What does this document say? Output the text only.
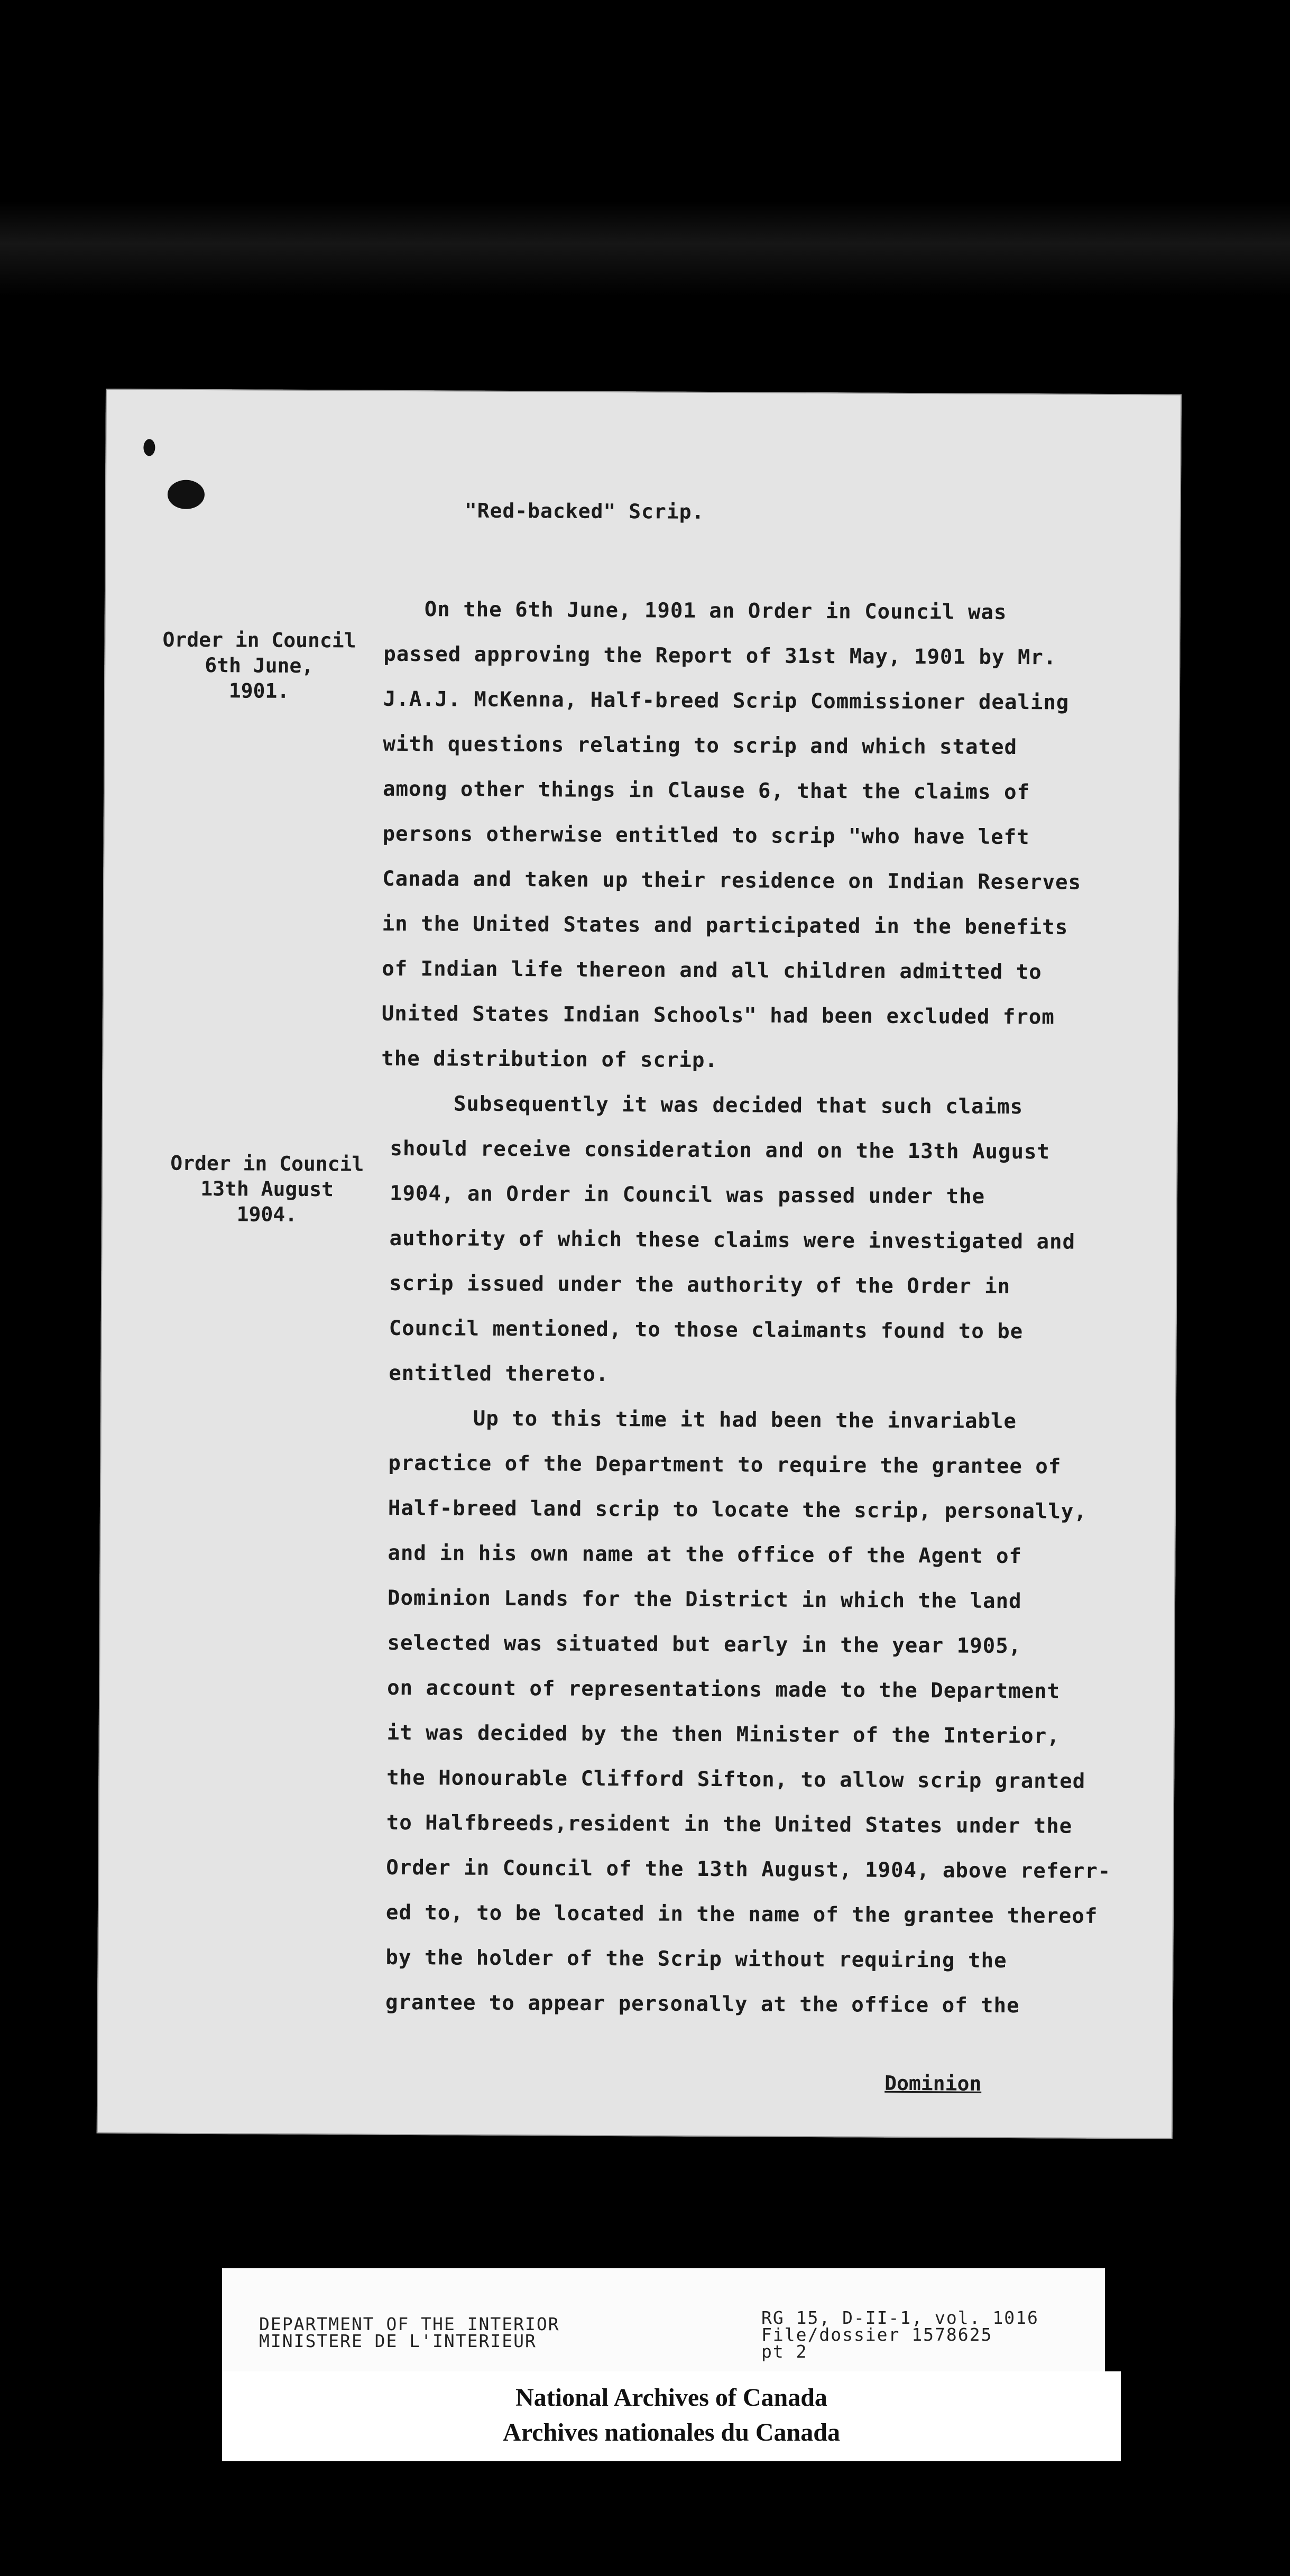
"Red-backed" Scrip.
Order in Council
6th June,
1901.
Order in Council
13th August
1904.
On the 6th June, 1901 an Order in Council was
passed approving the Report of 31st May, 1901 by Mr.
J.A.J. McKenna, Half-breed Scrip Commissioner dealing
with questions relating to scrip and which stated
among other things in Clause 6, that the claims of
persons otherwise entitled to scrip "who have left
Canada and taken up their residence on Indian Reserves
in the United States and participated in the benefits
of Indian life thereon and all children admitted to
United States Indian Schools" had been excluded from
the distribution of scrip.
Subsequently it was decided that such claims
should receive consideration and on the 13th August
1904, an Order in Council was passed under the
authority of which these claims were investigated and
scrip issued under the authority of the Order in
Council mentioned, to those claimants found to be
entitled thereto.
Up to this time it had been the invariable
practice of the Department to require the grantee of
Half-breed land scrip to locate the scrip, personally,
and in his own name at the office of the Agent of
Dominion Lands for the District in which the land
selected was situated but early in the year 1905,
on account of representations made to the Department
it was decided by the then Minister of the Interior,
the Honourable Clifford Sifton, to allow scrip granted
to Halfbreeds,resident in the United States under the
Order in Council of the 13th August, 1904, above referr-
ed to, to be located in the name of the grantee thereof
by the holder of the Scrip without requiring the
grantee to appear personally at the office of the
Dominion
DEPARTMENT OF THE INTERIOR
MINISTERE DE L'INTERIEUR
RG 15, D-II-1, vol. 1016
File/dossier 1578625
pt 2
National Archives of Canada
Archives nationales du Canada
